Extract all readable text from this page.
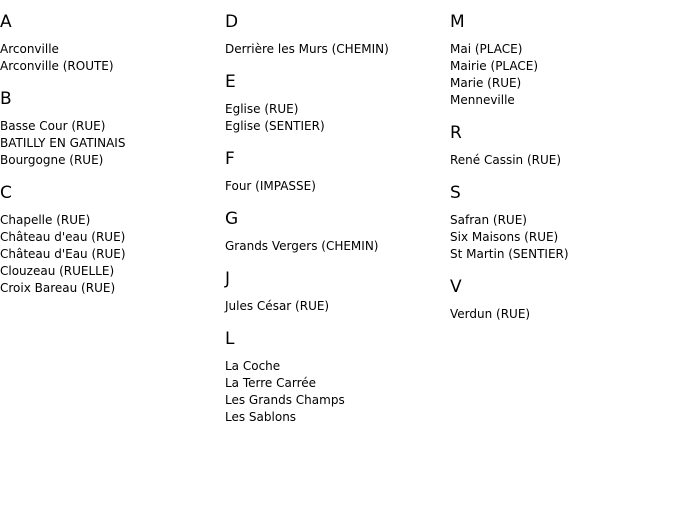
A
Arconville
Arconville (ROUTE)
B
Basse Cour (RUE)
BATILLY EN GATINAIS
Bourgogne (RUE)
C
Chapelle (RUE)
Château d'eau (RUE)
Château d'Eau (RUE)
Clouzeau (RUELLE)
Croix Bareau (RUE)
D
Derrière les Murs (CHEMIN)
E
Eglise (RUE)
Eglise (SENTIER)
F
Four (IMPASSE)
G
Grands Vergers (CHEMIN)
J
Jules César (RUE)
L
La Coche
La Terre Carrée
Les Grands Champs
Les Sablons
M
Mai (PLACE)
Mairie (PLACE)
Marie (RUE)
Menneville
R
René Cassin (RUE)
S
Safran (RUE)
Six Maisons (RUE)
St Martin (SENTIER)
V
Verdun (RUE)
